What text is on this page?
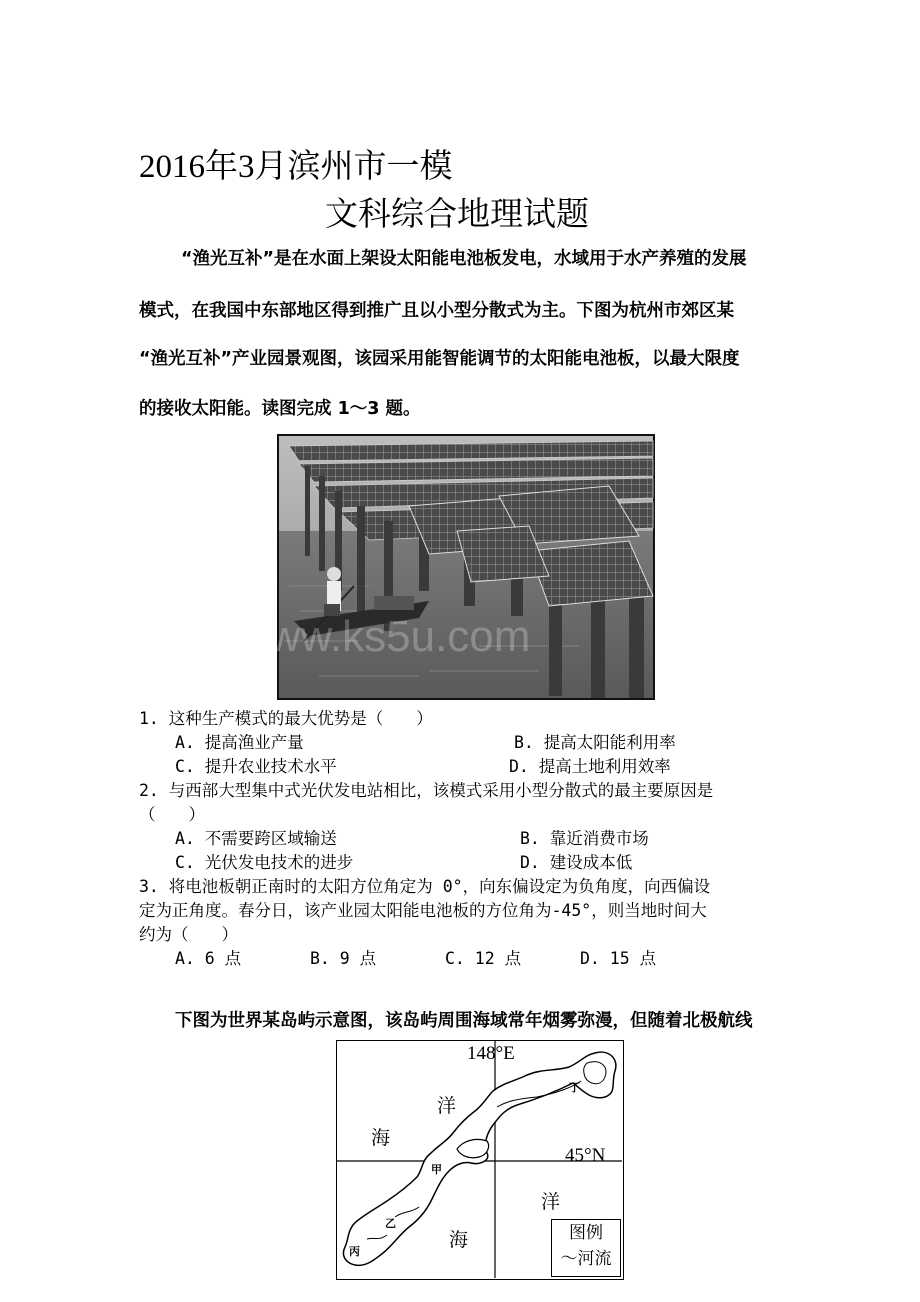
2016年3月滨州市一模
文科综合地理试题
“渔光互补”是在水面上架设太阳能电池板发电，水域用于水产养殖的发展
模式，在我国中东部地区得到推广且以小型分散式为主。下图为杭州市郊区某
“渔光互补”产业园景观图，该园采用能智能调节的太阳能电池板，以最大限度
的接收太阳能。读图完成 1～3 题。
www.ks5u.com
1. 这种生产模式的最大优势是（　　）
A. 提高渔业产量	B. 提高太阳能利用率
C. 提升农业技术水平	D. 提高土地利用效率
2. 与西部大型集中式光伏发电站相比，该模式采用小型分散式的最主要原因是
（　　）
A. 不需要跨区域输送	B. 靠近消费市场
C. 光伏发电技术的进步	D. 建设成本低
3. 将电池板朝正南时的太阳方位角定为 0°，向东偏设定为负角度，向西偏设
定为正角度。春分日，该产业园太阳能电池板的方位角为-45°，则当地时间大
约为（　　）
A. 6 点	B. 9 点	C. 12 点	D. 15 点
下图为世界某岛屿示意图，该岛屿周围海域常年烟雾弥漫，但随着北极航线
148°E
45°N
洋
海
洋
海
甲
乙
丙
丁
图例
～河流
